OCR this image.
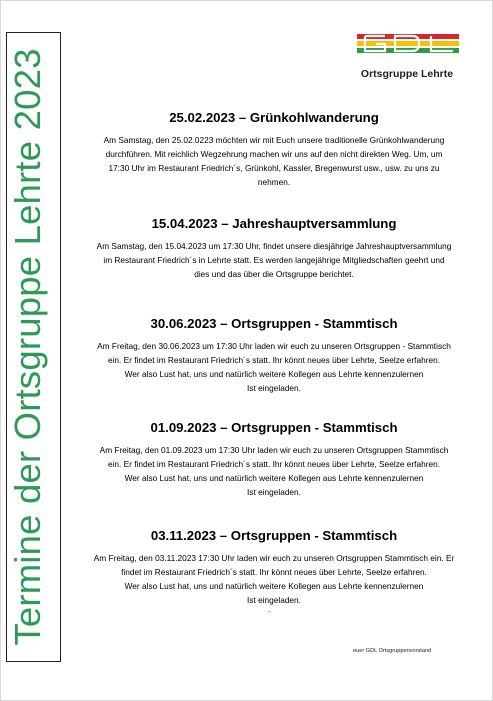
Termine der Ortsgruppe Lehrte 2023	Ortsgruppe Lehrte
25.02.2023 – Grünkohlwanderung
Am Samstag, den 25.02.0223 möchten wir mit Euch unsere traditionelle Grünkohlwanderung
durchführen. Mit reichlich Wegzehrung machen wir uns auf den nicht direkten Weg. Um, um
17:30 Uhr im Restaurant Friedrich´s, Grünkohl, Kassler, Bregenwurst usw., usw. zu uns zu
nehmen.
15.04.2023 – Jahreshauptversammlung
Am Samstag, den 15.04.2023 um 17:30 Uhr, findet unsere diesjährige Jahreshauptversammlung
im Restaurant Friedrich´s in Lehrte statt. Es werden langejährige Mitgliedschaften geehrt und
dies und das über die Ortsgruppe berichtet.
30.06.2023 – Ortsgruppen - Stammtisch
Am Freitag, den 30.06.2023 um 17:30 Uhr laden wir euch zu unseren Ortsgruppen - Stammtisch
ein. Er findet im Restaurant Friedrich´s statt. Ihr könnt neues über Lehrte, Seelze erfahren.
Wer also Lust hat, uns und natürlich weitere Kollegen aus Lehrte kennenzulernen
Ist eingeladen.
01.09.2023 – Ortsgruppen - Stammtisch
Am Freitag, den 01.09.2023 um 17:30 Uhr laden wir euch zu unseren Ortsgruppen Stammtisch
ein. Er findet im Restaurant Friedrich´s statt. Ihr könnt neues über Lehrte, Seelze erfahren.
Wer also Lust hat, uns und natürlich weitere Kollegen aus Lehrte kennenzulernen
Ist eingeladen.
03.11.2023 – Ortsgruppen - Stammtisch
Am Freitag, den 03.11.2023 17:30 Uhr laden wir euch zu unseren Ortsgruppen Stammtisch ein. Er
findet im Restaurant Friedrich´s statt. Ihr könnt neues über Lehrte, Seelze erfahren.
Wer also Lust hat, uns und natürlich weitere Kollegen aus Lehrte kennenzulernen
Ist eingeladen.
.
euer GDL Ortsgruppenvorstand
